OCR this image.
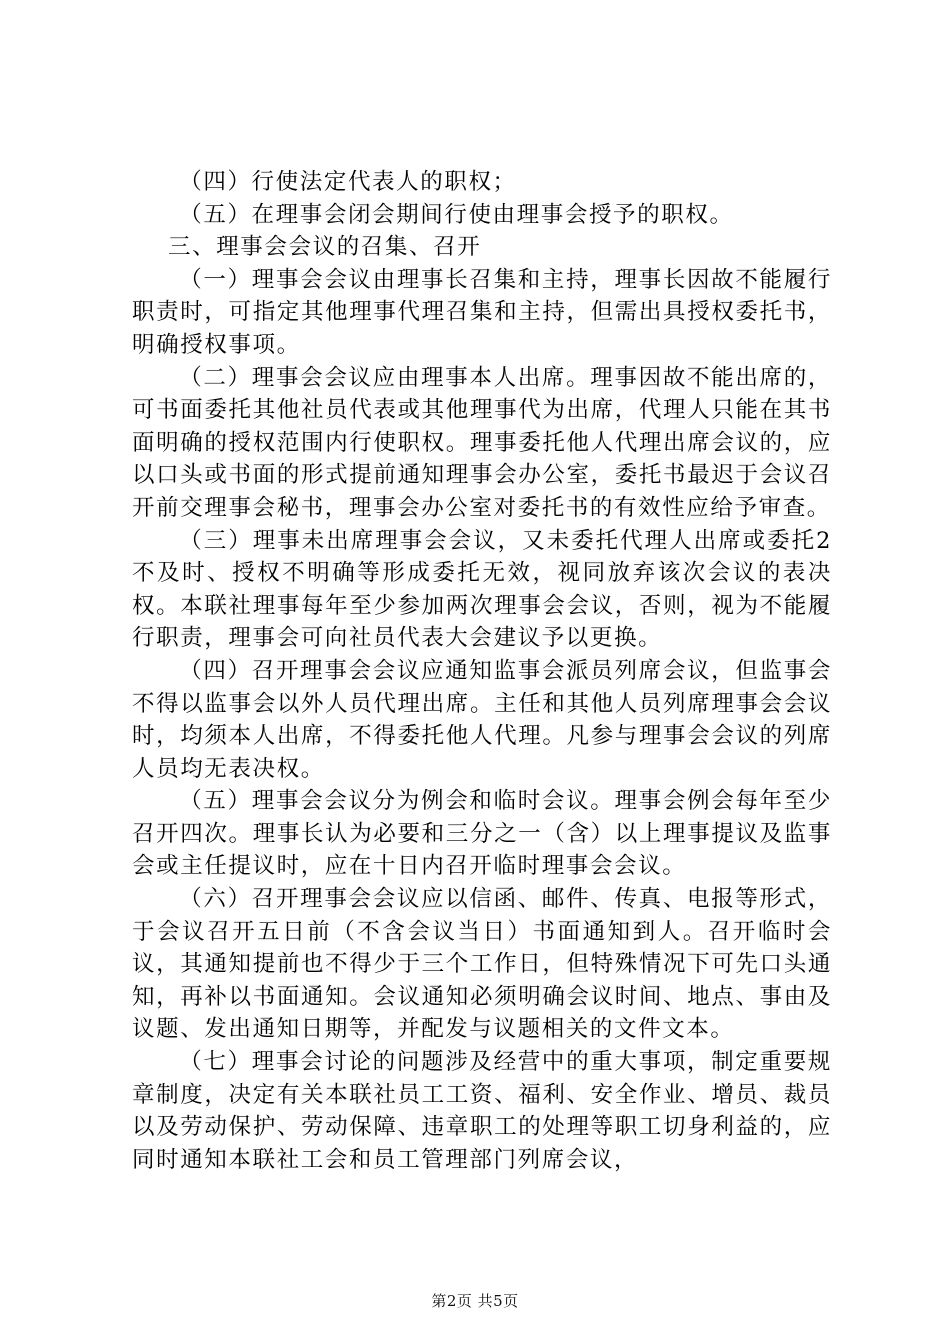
（四）行使法定代表人的职权；

（五）在理事会闭会期间行使由理事会授予的职权。

三、理事会会议的召集、召开

（一）理事会会议由理事长召集和主持，理事长因故不能履行职责时，可指定其他理事代理召集和主持，但需出具授权委托书，明确授权事项。

（二）理事会会议应由理事本人出席。理事因故不能出席的，可书面委托其他社员代表或其他理事代为出席，代理人只能在其书面明确的授权范围内行使职权。理事委托他人代理出席会议的，应以口头或书面的形式提前通知理事会办公室，委托书最迟于会议召开前交理事会秘书，理事会办公室对委托书的有效性应给予审查。

（三）理事未出席理事会会议，又未委托代理人出席或委托2不及时、授权不明确等形成委托无效，视同放弃该次会议的表决权。本联社理事每年至少参加两次理事会会议，否则，视为不能履行职责，理事会可向社员代表大会建议予以更换。

（四）召开理事会会议应通知监事会派员列席会议，但监事会不得以监事会以外人员代理出席。主任和其他人员列席理事会会议时，均须本人出席，不得委托他人代理。凡参与理事会会议的列席人员均无表决权。

（五）理事会会议分为例会和临时会议。理事会例会每年至少召开四次。理事长认为必要和三分之一（含）以上理事提议及监事会或主任提议时，应在十日内召开临时理事会会议。

（六）召开理事会会议应以信函、邮件、传真、电报等形式，于会议召开五日前（不含会议当日）书面通知到人。召开临时会议，其通知提前也不得少于三个工作日，但特殊情况下可先口头通知，再补以书面通知。会议通知必须明确会议时间、地点、事由及议题、发出通知日期等，并配发与议题相关的文件文本。

（七）理事会讨论的问题涉及经营中的重大事项，制定重要规章制度，决定有关本联社员工工资、福利、安全作业、增员、裁员以及劳动保护、劳动保障、违章职工的处理等职工切身利益的，应同时通知本联社工会和员工管理部门列席会议，

第2页 共5页
